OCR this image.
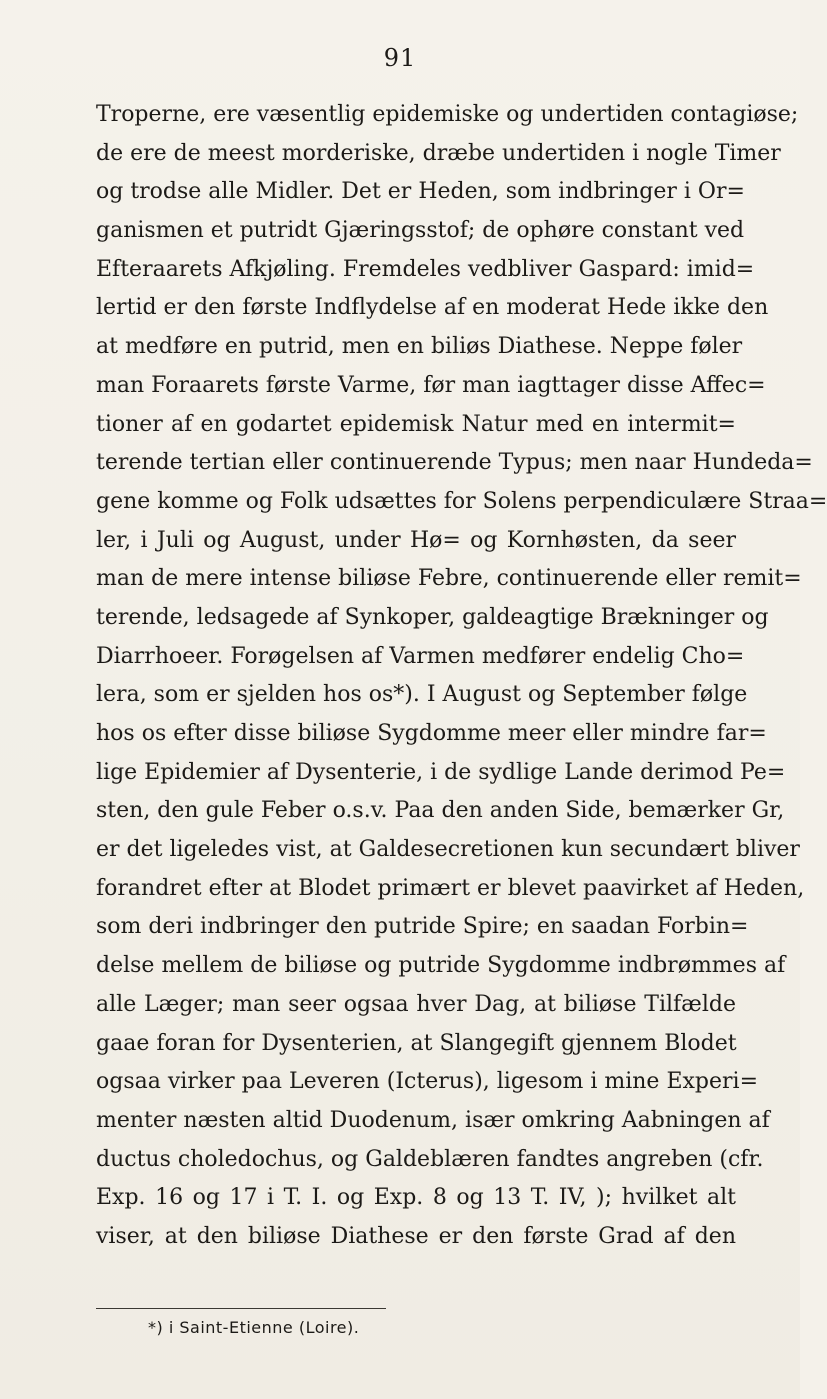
91
Troperne, ere væsentlig epidemiske og undertiden contagiøse;
de ere de meest morderiske, dræbe undertiden i nogle Timer
og trodse alle Midler. Det er Heden, som indbringer i Or=
ganismen et putridt Gjæringsstof; de ophøre constant ved
Efteraarets Afkjøling. Fremdeles vedbliver Gaspard: imid=
lertid er den første Indflydelse af en moderat Hede ikke den
at medføre en putrid, men en biliøs Diathese. Neppe føler
man Foraarets første Varme, før man iagttager disse Affec=
tioner af en godartet epidemisk Natur med en intermit=
terende tertian eller continuerende Typus; men naar Hundeda=
gene komme og Folk udsættes for Solens perpendiculære Straa=
ler, i Juli og August, under Hø= og Kornhøsten, da seer
man de mere intense biliøse Febre, continuerende eller remit=
terende, ledsagede af Synkoper, galdeagtige Brækninger og
Diarrhoeer. Forøgelsen af Varmen medfører endelig Cho=
lera, som er sjelden hos os*). I August og September følge
hos os efter disse biliøse Sygdomme meer eller mindre far=
lige Epidemier af Dysenterie, i de sydlige Lande derimod Pe=
sten, den gule Feber o.s.v. Paa den anden Side, bemærker Gr,
er det ligeledes vist, at Galdesecretionen kun secundært bliver
forandret efter at Blodet primært er blevet paavirket af Heden,
som deri indbringer den putride Spire; en saadan Forbin=
delse mellem de biliøse og putride Sygdomme indbrømmes af
alle Læger; man seer ogsaa hver Dag, at biliøse Tilfælde
gaae foran for Dysenterien, at Slangegift gjennem Blodet
ogsaa virker paa Leveren (Icterus), ligesom i mine Experi=
menter næsten altid Duodenum, især omkring Aabningen af
ductus choledochus, og Galdeblæren fandtes angreben (cfr.
Exp. 16 og 17 i T. I. og Exp. 8 og 13 T. IV, ); hvilket alt
viser, at den biliøse Diathese er den første Grad af den
*) i Saint-Etienne (Loire).
